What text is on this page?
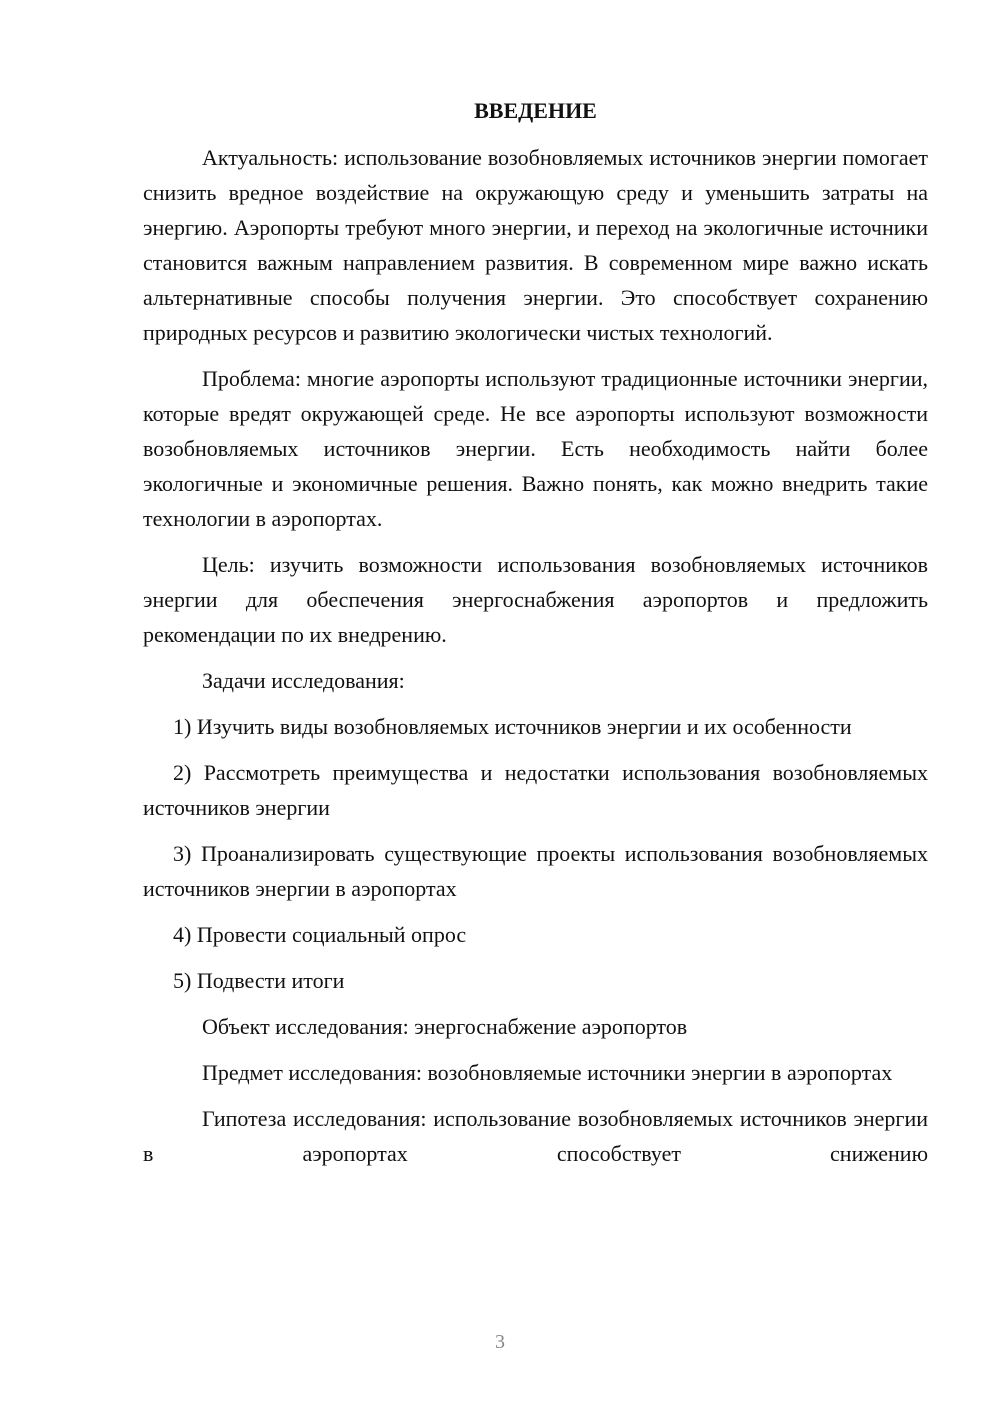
ВВЕДЕНИЕ

Актуальность: использование возобновляемых источников энергии помогает снизить вредное воздействие на окружающую среду и уменьшить затраты на энергию. Аэропорты требуют много энергии, и переход на экологичные источники становится важным направлением развития. В современном мире важно искать альтернативные способы получения энергии. Это способствует сохранению природных ресурсов и развитию экологически чистых технологий.

Проблема: многие аэропорты используют традиционные источники энергии, которые вредят окружающей среде. Не все аэропорты используют возможности возобновляемых источников энергии. Есть необходимость найти более экологичные и экономичные решения. Важно понять, как можно внедрить такие технологии в аэропортах.

Цель: изучить возможности использования возобновляемых источников энергии для обеспечения энергоснабжения аэропортов и предложить рекомендации по их внедрению.

Задачи исследования:

1) Изучить виды возобновляемых источников энергии и их особенности

2) Рассмотреть преимущества и недостатки использования возобновляемых источников энергии

3) Проанализировать существующие проекты использования возобновляемых источников энергии в аэропортах

4) Провести социальный опрос

5) Подвести итоги

Объект исследования: энергоснабжение аэропортов

Предмет исследования: возобновляемые источники энергии в аэропортах

Гипотеза исследования: использование возобновляемых источников энергии в аэропортах способствует снижению

3
